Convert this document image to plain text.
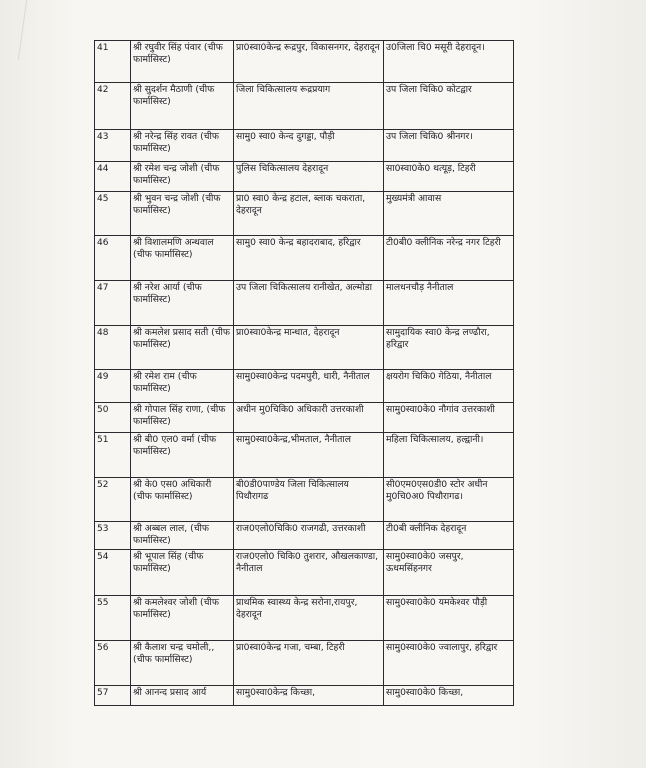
41	श्री रघुवीर सिंह पंवार (चीफ फार्मासिस्ट)	प्रा0स्वा0केन्द्र रूद्रपुर, विकासनगर, देहरादून	उ0जिला चि0 मसूरी देहरादून।
42	श्री सुदर्शन मैठाणी (चीफ फार्मासिस्ट)	जिला चिकित्सालय रूद्रप्रयाग	उप जिला चिकि0 कोटद्वार
43	श्री नरेन्द्र सिंह रावत (चीफ फार्मासिस्ट)	सामु0 स्वा0 केन्द दुगड्डा, पौड़ी	उप जिला चिकि0 श्रीनगर।
44	श्री रमेश चन्द्र जोशी (चीफ फार्मासिस्ट)	पुलिस चिकित्सालय देहरादून	सा0स्वा0के0 थत्यूड़, टिहरी
45	श्री भुवन चन्द्र जोशी (चीफ फार्मासिस्ट)	प्रा0 स्वा0 केन्द्र हटाल, ब्लाक चकराता, देहरादून	मुख्यमंत्री आवास
46	श्री विशालमणि अन्थवाल (चीफ फार्मासिस्ट)	सामु0 स्वा0 केन्द्र बहादराबाद, हरिद्वार	टी0बी0 क्लीनिक नरेन्द्र नगर टिहरी
47	श्री नरेश आर्या (चीफ फार्मासिस्ट)	उप जिला चिकित्सालय रानीखेत, अल्मोडा	मालधनचौड़ नैनीताल
48	श्री कमलेश प्रसाद सती (चीफ फार्मासिस्ट)	प्रा0स्वा0केन्द्र मान्धात, देहरादून	सामुदायिक स्वा0 केन्द्र लण्ढौरा, हरिद्वार
49	श्री रमेश राम (चीफ फार्मासिस्ट)	सामु0स्वा0केन्द्र पदमपुरी, धारी, नैनीताल	क्षयरोग चिकि0 गेठिया, नैनीताल
50	श्री गोपाल सिंह राणा, (चीफ फार्मासिस्ट)	अधीन मु0चिकि0 अधिकारी उत्तरकाशी	सामु0स्वा0के0 नौगांव उत्तरकाशी
51	श्री बी0 एल0 वर्मा (चीफ फार्मासिस्ट)	सामु0स्वा0केन्द्र,भीमताल, नैनीताल	महिला चिकित्सालय, हल्द्वानी।
52	श्री के0 एस0 अधिकारी (चीफ फार्मासिस्ट)	बी0डी0पाण्डेय जिला चिकित्सालय पिथौरागढ	सी0एम0एस0डी0 स्टोर अधीन मु0चि0अ0 पिथौरागढ।
53	श्री अब्बल लाल, (चीफ फार्मासिस्ट)	राज0एलो0चिकि0 राजगढी, उत्तरकाशी	टी0बी क्लीनिक देहरादून
54	श्री भूपाल सिंह (चीफ फार्मासिस्ट)	राज0एलो0 चिकि0 तुशरार, औखलकाण्डा, नैनीताल	सामु0स्वा0के0 जसपुर, ऊधमसिंहनगर
55	श्री कमलेश्वर जोशी (चीफ फार्मासिस्ट)	प्राथमिक स्वास्थ्य केन्द्र सरोना,रायपुर, देहरादून	सामु0स्वा0के0 यमकेश्वर पौड़ी
56	श्री कैलाश चन्द्र चमोली,, (चीफ फार्मासिस्ट)	प्रा0स्वा0केन्द्र गजा, चम्बा, टिहरी	सामु0स्वा0के0 ज्वालापुर, हरिद्वार
57	श्री आनन्द प्रसाद आर्य	सामु0स्वा0केन्द्र किच्छा,	सामु0स्वा0के0 किच्छा,
